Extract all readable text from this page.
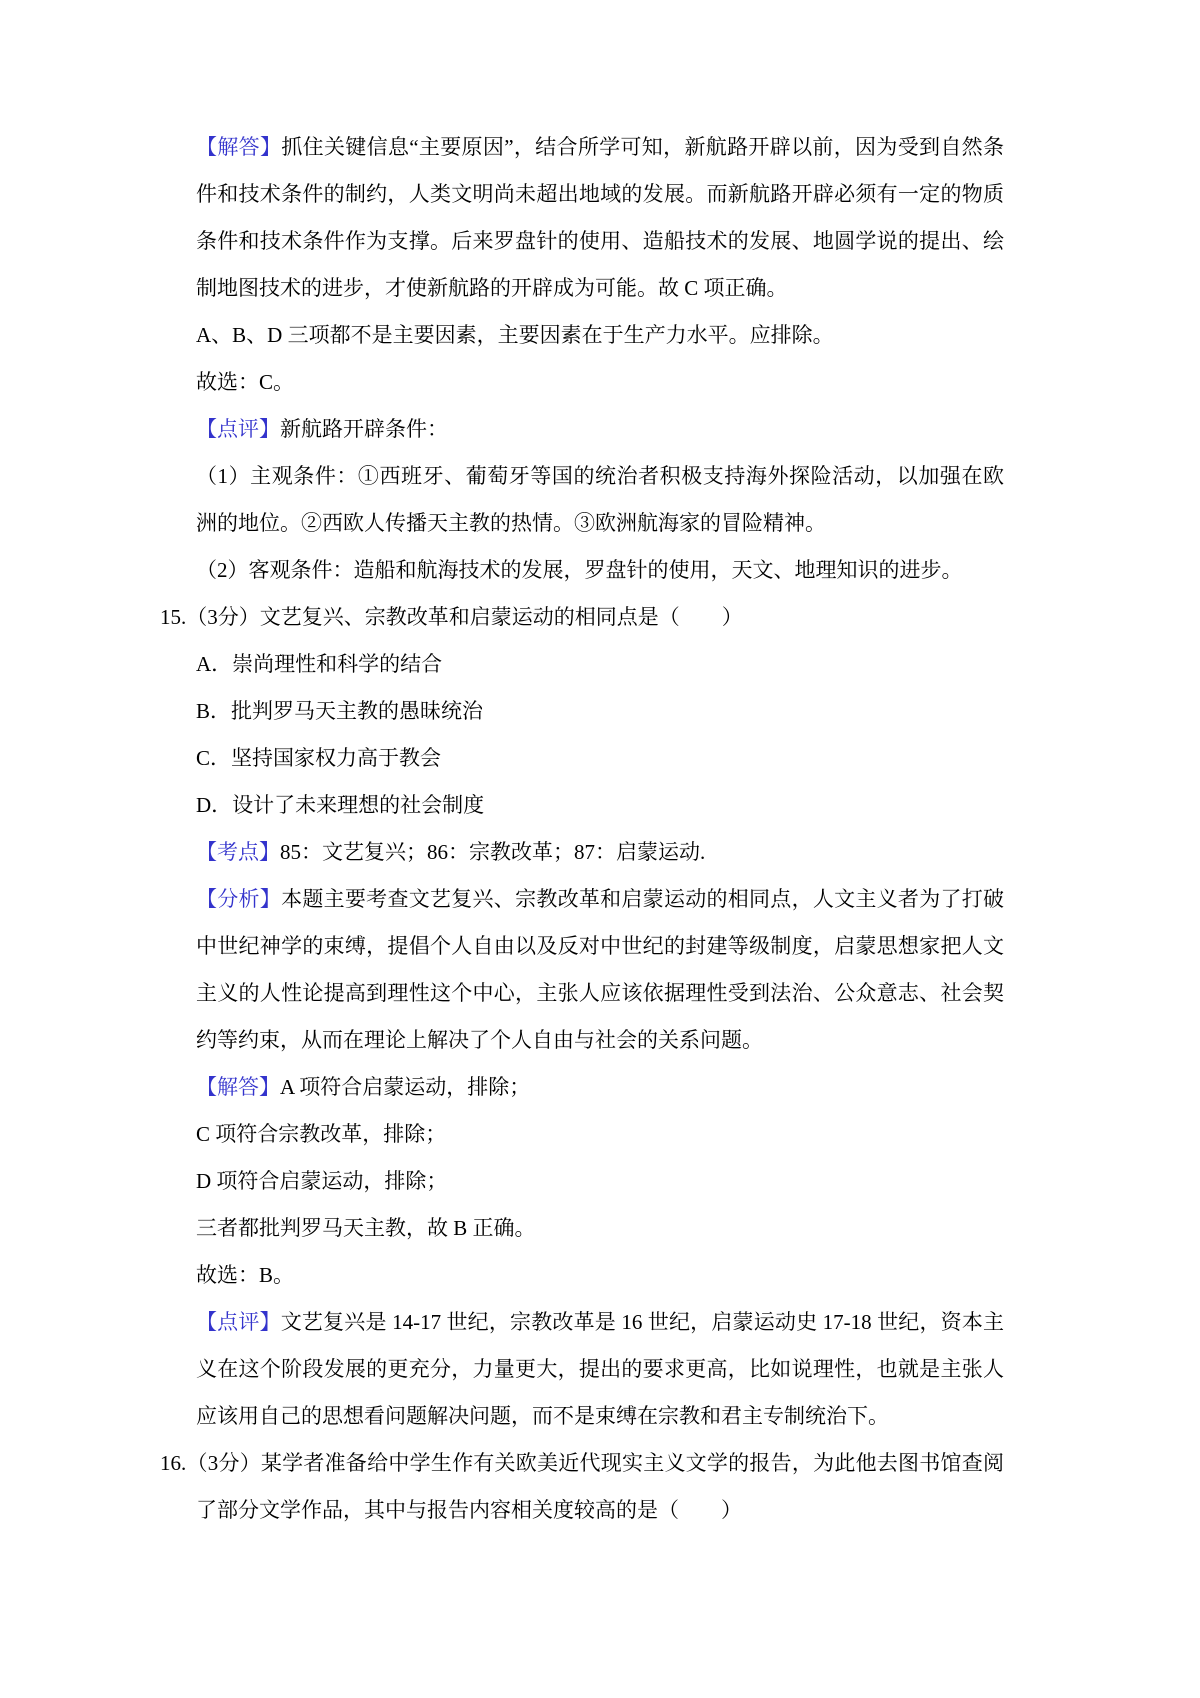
【解答】抓住关键信息“主要原因”，结合所学可知，新航路开辟以前，因为受到自然条件和技术条件的制约，人类文明尚未超出地域的发展。而新航路开辟必须有一定的物质条件和技术条件作为支撑。后来罗盘针的使用、造船技术的发展、地圆学说的提出、绘制地图技术的进步，才使新航路的开辟成为可能。故 C 项正确。

A、B、D 三项都不是主要因素，主要因素在于生产力水平。应排除。

故选：C。

【点评】新航路开辟条件：

（1）主观条件：①西班牙、葡萄牙等国的统治者积极支持海外探险活动，以加强在欧洲的地位。②西欧人传播天主教的热情。③欧洲航海家的冒险精神。

（2）客观条件：造船和航海技术的发展，罗盘针的使用，天文、地理知识的进步。

15.（3分）文艺复兴、宗教改革和启蒙运动的相同点是（　　）

A．崇尚理性和科学的结合

B．批判罗马天主教的愚昧统治

C．坚持国家权力高于教会

D．设计了未来理想的社会制度

【考点】85：文艺复兴；86：宗教改革；87：启蒙运动.

【分析】本题主要考查文艺复兴、宗教改革和启蒙运动的相同点，人文主义者为了打破中世纪神学的束缚，提倡个人自由以及反对中世纪的封建等级制度，启蒙思想家把人文主义的人性论提高到理性这个中心，主张人应该依据理性受到法治、公众意志、社会契约等约束，从而在理论上解决了个人自由与社会的关系问题。

【解答】A 项符合启蒙运动，排除；

C 项符合宗教改革，排除；

D 项符合启蒙运动，排除；

三者都批判罗马天主教，故 B 正确。

故选：B。

【点评】文艺复兴是 14‐17 世纪，宗教改革是 16 世纪，启蒙运动史 17‐18 世纪，资本主义在这个阶段发展的更充分，力量更大，提出的要求更高，比如说理性，也就是主张人应该用自己的思想看问题解决问题，而不是束缚在宗教和君主专制统治下。

16.（3分）某学者准备给中学生作有关欧美近代现实主义文学的报告，为此他去图书馆查阅了部分文学作品，其中与报告内容相关度较高的是（　　）
